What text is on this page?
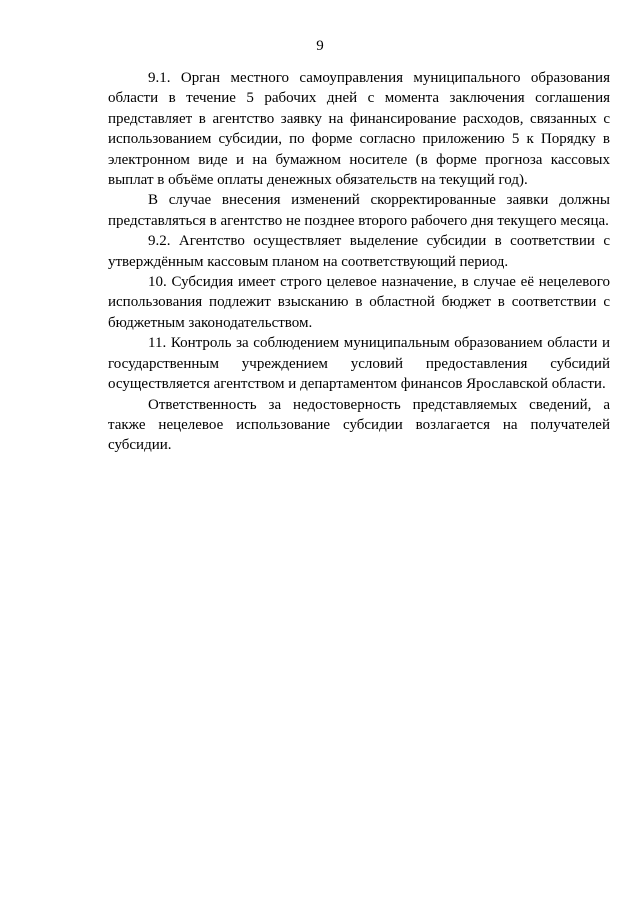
9

9.1. Орган местного самоуправления муниципального образования области в течение 5 рабочих дней с момента заключения соглашения представляет в агентство заявку на финансирование расходов, связанных с использованием субсидии, по форме согласно приложению 5 к Порядку в электронном виде и на бумажном носителе (в форме прогноза кассовых выплат в объёме оплаты денежных обязательств на текущий год).

В случае внесения изменений скорректированные заявки должны представляться в агентство не позднее второго рабочего дня текущего месяца.

9.2. Агентство осуществляет выделение субсидии в соответствии с утверждённым кассовым планом на соответствующий период.

10. Субсидия имеет строго целевое назначение, в случае её нецелевого использования подлежит взысканию в областной бюджет в соответствии с бюджетным законодательством.

11. Контроль за соблюдением муниципальным образованием области и государственным учреждением условий предоставления субсидий осуществляется агентством и департаментом финансов Ярославской области.

Ответственность за недостоверность представляемых сведений, а также нецелевое использование субсидии возлагается на получателей субсидии.
